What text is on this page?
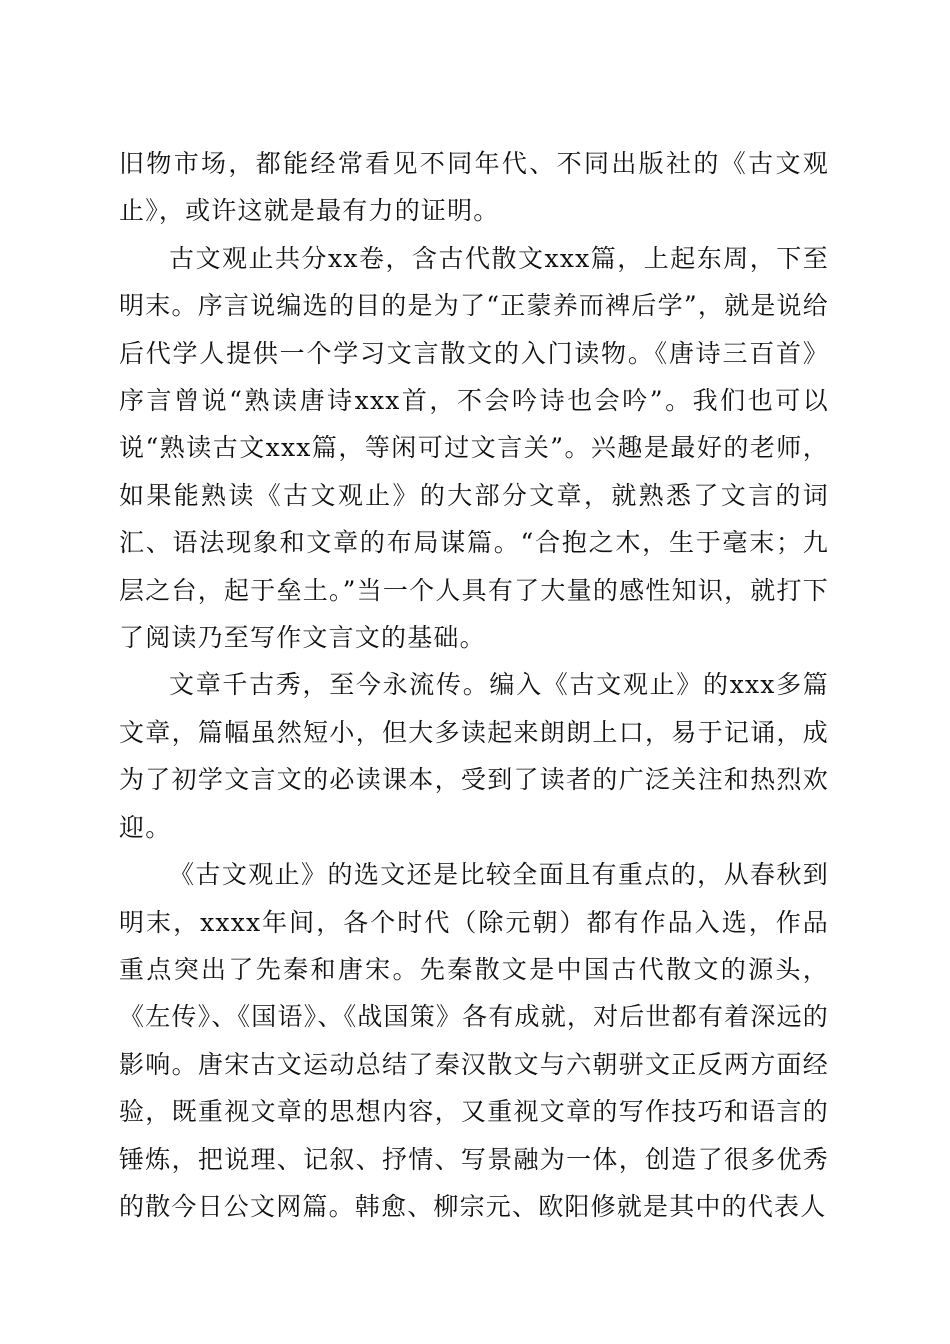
旧物市场，都能经常看见不同年代、不同出版社的《古文观止》，或许这就是最有力的证明。

古文观止共分xx卷，含古代散文xxx篇，上起东周，下至明末。序言说编选的目的是为了“正蒙养而裨后学”，就是说给后代学人提供一个学习文言散文的入门读物。《唐诗三百首》序言曾说“熟读唐诗xxx首，不会吟诗也会吟”。我们也可以说“熟读古文xxx篇，等闲可过文言关”。兴趣是最好的老师，如果能熟读《古文观止》的大部分文章，就熟悉了文言的词汇、语法现象和文章的布局谋篇。“合抱之木，生于毫末；九层之台，起于垒土。”当一个人具有了大量的感性知识，就打下了阅读乃至写作文言文的基础。

文章千古秀，至今永流传。编入《古文观止》的xxx多篇文章，篇幅虽然短小，但大多读起来朗朗上口，易于记诵，成为了初学文言文的必读课本，受到了读者的广泛关注和热烈欢迎。

《古文观止》的选文还是比较全面且有重点的，从春秋到明末，xxxx年间，各个时代（除元朝）都有作品入选，作品重点突出了先秦和唐宋。先秦散文是中国古代散文的源头，《左传》、《国语》、《战国策》各有成就，对后世都有着深远的影响。唐宋古文运动总结了秦汉散文与六朝骈文正反两方面经验，既重视文章的思想内容，又重视文章的写作技巧和语言的锤炼，把说理、记叙、抒情、写景融为一体，创造了很多优秀的散今日公文网篇。韩愈、柳宗元、欧阳修就是其中的代表人
